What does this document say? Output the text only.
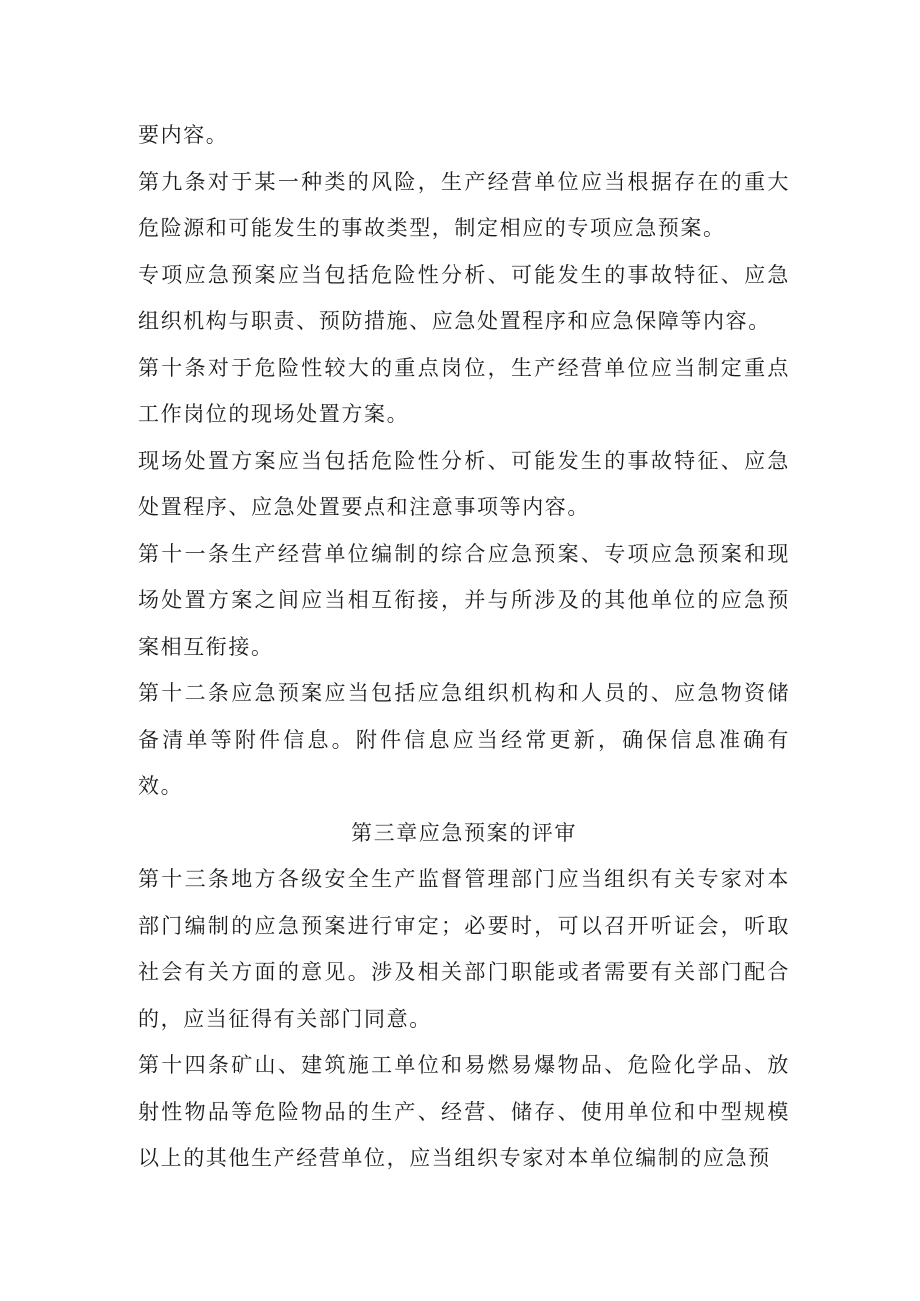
要内容。

第九条对于某一种类的风险，生产经营单位应当根据存在的重大危险源和可能发生的事故类型，制定相应的专项应急预案。

专项应急预案应当包括危险性分析、可能发生的事故特征、应急组织机构与职责、预防措施、应急处置程序和应急保障等内容。

第十条对于危险性较大的重点岗位，生产经营单位应当制定重点工作岗位的现场处置方案。

现场处置方案应当包括危险性分析、可能发生的事故特征、应急处置程序、应急处置要点和注意事项等内容。

第十一条生产经营单位编制的综合应急预案、专项应急预案和现场处置方案之间应当相互衔接，并与所涉及的其他单位的应急预案相互衔接。

第十二条应急预案应当包括应急组织机构和人员的、应急物资储备清单等附件信息。附件信息应当经常更新，确保信息准确有效。

第三章应急预案的评审

第十三条地方各级安全生产监督管理部门应当组织有关专家对本部门编制的应急预案进行审定；必要时，可以召开听证会，听取社会有关方面的意见。涉及相关部门职能或者需要有关部门配合的，应当征得有关部门同意。

第十四条矿山、建筑施工单位和易燃易爆物品、危险化学品、放射性物品等危险物品的生产、经营、储存、使用单位和中型规模以上的其他生产经营单位，应当组织专家对本单位编制的应急预
